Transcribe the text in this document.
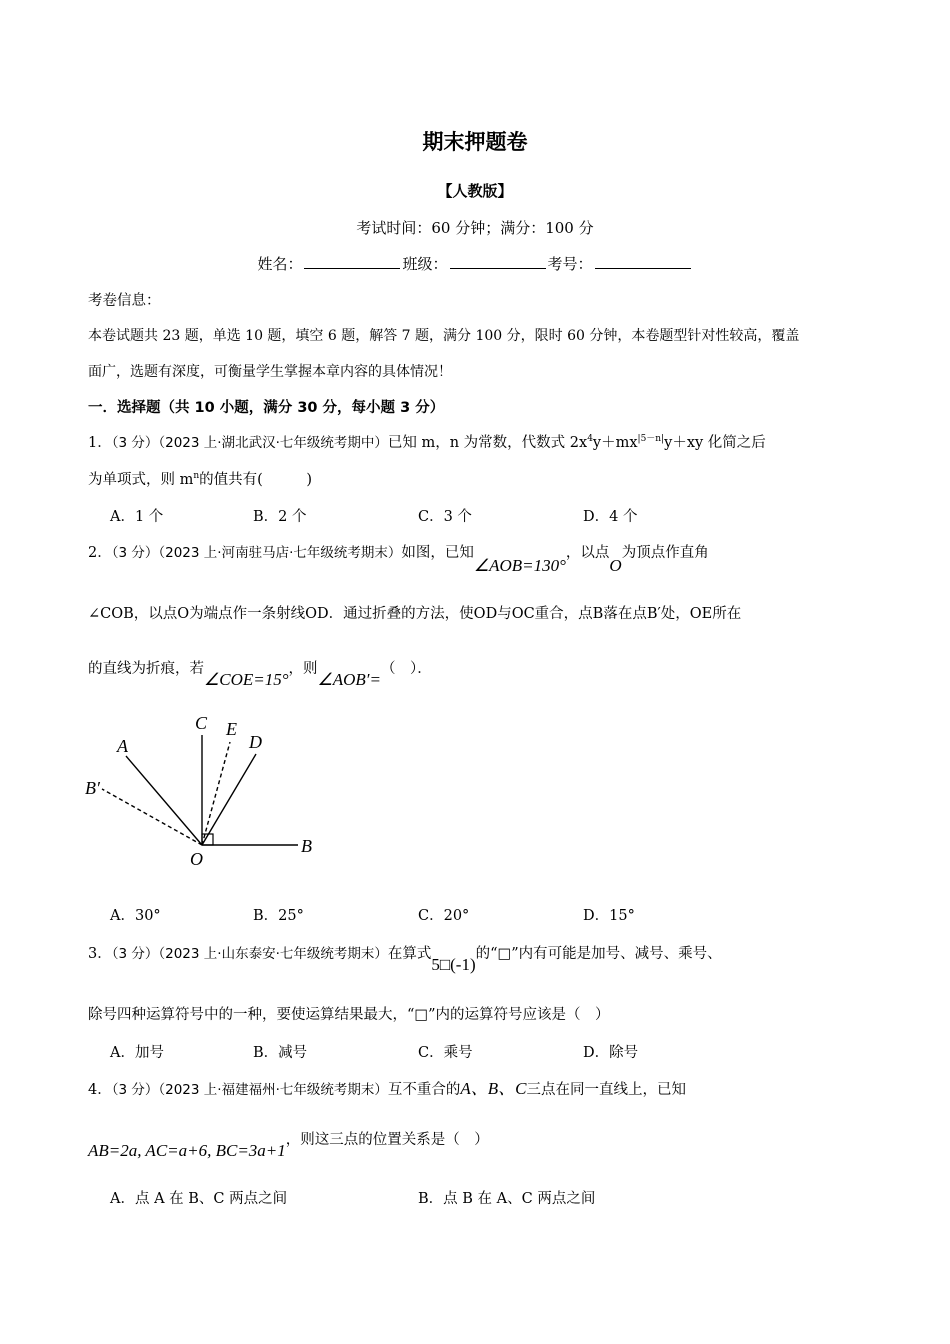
期末押题卷
【人教版】
考试时间：60 分钟；满分：100 分
姓名：	班级：	考号：
考卷信息：
本卷试题共 23 题，单选 10 题，填空 6 题，解答 7 题，满分 100 分，限时 60 分钟，本卷题型针对性较高，覆盖
面广，选题有深度，可衡量学生掌握本章内容的具体情况！
一．选择题（共 10 小题，满分 30 分，每小题 3 分）
1．（3 分）（2023 上·湖北武汉·七年级统考期中）已知 m，n 为常数，代数式 $2x^4y+mx^{|5-n|}y+xy$ 化简之后
为单项式，则 $m^n$的值共有(　　　)
A．1 个	B．2 个	C．3 个	D．4 个
2．（3 分）（2023 上·河南驻马店·七年级统考期末）如图，已知∠AOB=130°，以点O为顶点作直角
∠COB，以点O为端点作一条射线OD．通过折叠的方法，使OD与OC重合，点B落在点B′处，OE所在
的直线为折痕，若∠COE=15°，则∠AOB′=（　）．
C E
D
A
B′
B
O
A．30°	B．25°	C．20°	D．15°
3．（3 分）（2023 上·山东泰安·七年级统考期末）在算式5□(-1)的“□”内有可能是加号、减号、乘号、
除号四种运算符号中的一种，要使运算结果最大，“□”内的运算符号应该是（　）
A．加号	B．减号	C．乘号	D．除号
4．（3 分）（2023 上·福建福州·七年级统考期末）互不重合的A、B、C三点在同一直线上，已知
AB=2a, AC=a+6, BC=3a+1，则这三点的位置关系是（　）
A．点 A 在 B、C 两点之间	B．点 B 在 A、C 两点之间
